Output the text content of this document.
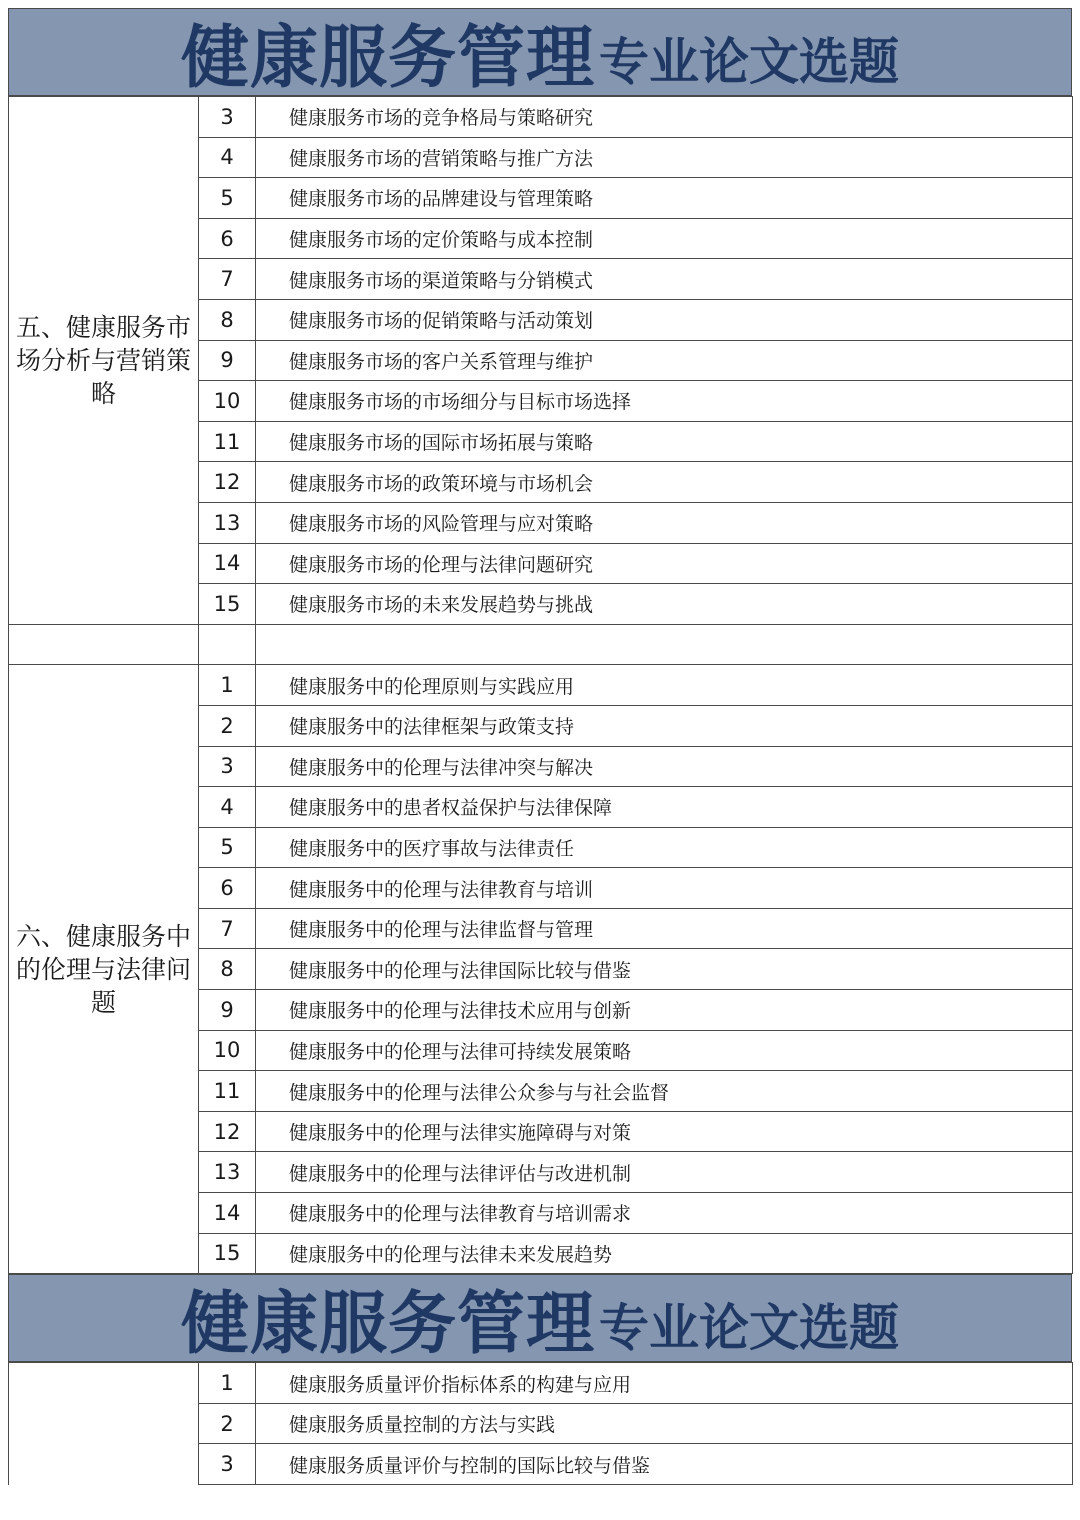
健康服务管理 专业论文选题
五、健康服务市场分析与营销策略	3	健康服务市场的竞争格局与策略研究
	4	健康服务市场的营销策略与推广方法
	5	健康服务市场的品牌建设与管理策略
	6	健康服务市场的定价策略与成本控制
	7	健康服务市场的渠道策略与分销模式
	8	健康服务市场的促销策略与活动策划
	9	健康服务市场的客户关系管理与维护
	10	健康服务市场的市场细分与目标市场选择
	11	健康服务市场的国际市场拓展与策略
	12	健康服务市场的政策环境与市场机会
	13	健康服务市场的风险管理与应对策略
	14	健康服务市场的伦理与法律问题研究
	15	健康服务市场的未来发展趋势与挑战

六、健康服务中的伦理与法律问题	1	健康服务中的伦理原则与实践应用
	2	健康服务中的法律框架与政策支持
	3	健康服务中的伦理与法律冲突与解决
	4	健康服务中的患者权益保护与法律保障
	5	健康服务中的医疗事故与法律责任
	6	健康服务中的伦理与法律教育与培训
	7	健康服务中的伦理与法律监督与管理
	8	健康服务中的伦理与法律国际比较与借鉴
	9	健康服务中的伦理与法律技术应用与创新
	10	健康服务中的伦理与法律可持续发展策略
	11	健康服务中的伦理与法律公众参与与社会监督
	12	健康服务中的伦理与法律实施障碍与对策
	13	健康服务中的伦理与法律评估与改进机制
	14	健康服务中的伦理与法律教育与培训需求
	15	健康服务中的伦理与法律未来发展趋势
健康服务管理 专业论文选题
	1	健康服务质量评价指标体系的构建与应用
	2	健康服务质量控制的方法与实践
	3	健康服务质量评价与控制的国际比较与借鉴
